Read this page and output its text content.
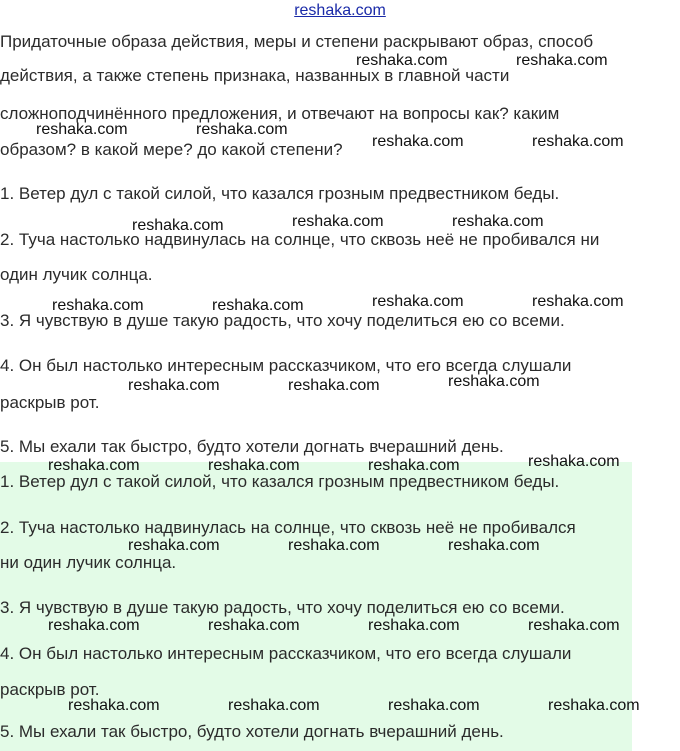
reshaka.com
Придаточные образа действия, меры и степени раскрывают образ, способ
действия, а также степень признака, названных в главной части
сложноподчинённого предложения, и отвечают на вопросы как? каким
образом? в какой мере? до какой степени?
1. Ветер дул с такой силой, что казался грозным предвестником беды.
2. Туча настолько надвинулась на солнце, что сквозь неё не пробивался ни
один лучик солнца.
3. Я чувствую в душе такую радость, что хочу поделиться ею со всеми.
4. Он был настолько интересным рассказчиком, что его всегда слушали
раскрыв рот.
5. Мы ехали так быстро, будто хотели догнать вчерашний день.
1. Ветер дул с такой силой, что казался грозным предвестником беды.
2. Туча настолько надвинулась на солнце, что сквозь неё не пробивался
ни один лучик солнца.
3. Я чувствую в душе такую радость, что хочу поделиться ею со всеми.
4. Он был настолько интересным рассказчиком, что его всегда слушали
раскрыв рот.
5. Мы ехали так быстро, будто хотели догнать вчерашний день.
reshaka.com	reshaka.com
reshaka.com	reshaka.com
reshaka.com	reshaka.com
reshaka.com	reshaka.com	reshaka.com
reshaka.com	reshaka.com	reshaka.com	reshaka.com
reshaka.com	reshaka.com	reshaka.com
reshaka.com	reshaka.com	reshaka.com	reshaka.com
reshaka.com	reshaka.com	reshaka.com
reshaka.com	reshaka.com	reshaka.com	reshaka.com
reshaka.com	reshaka.com	reshaka.com	reshaka.com
